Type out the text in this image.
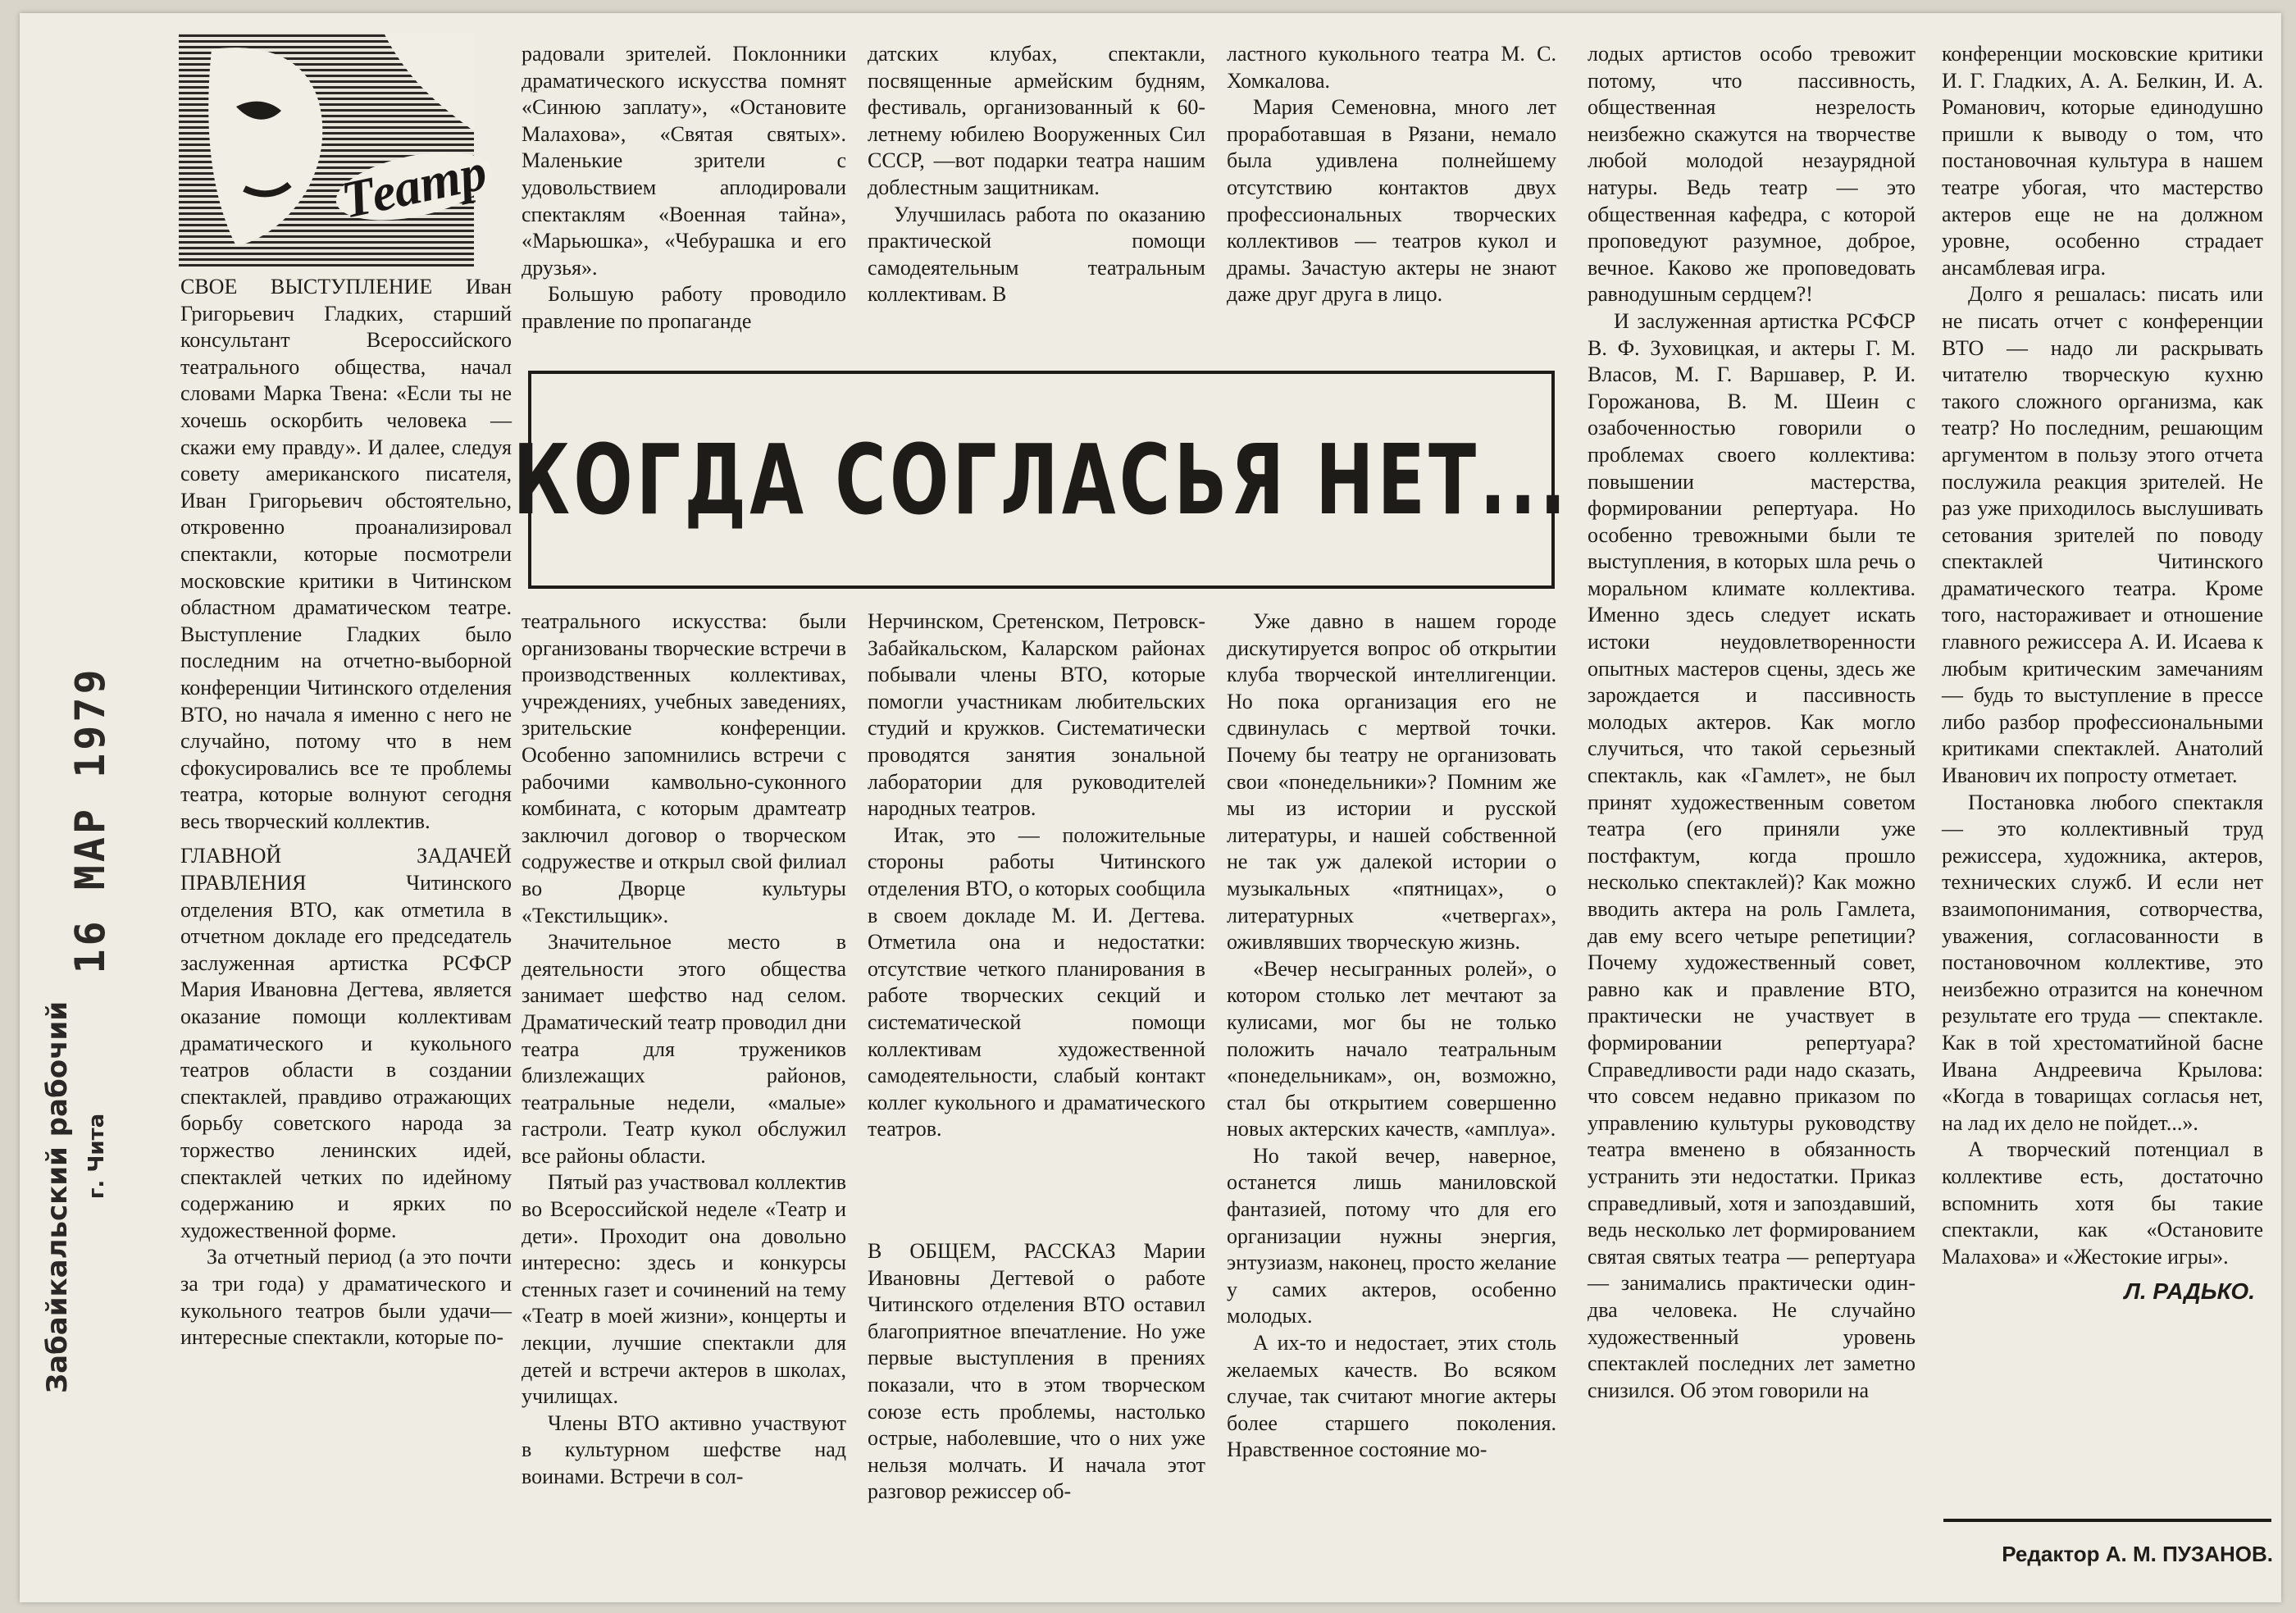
16 МАР 1979
Забайкальский рабочий г. Чита
Театр
КОГДА СОГЛАСЬЯ НЕТ...

СВОЕ ВЫСТУПЛЕНИЕ Иван Григорьевич Гладких, старший консультант Всероссийского театрального общества, начал словами Марка Твена: «Если ты не хочешь оскорбить человека — скажи ему правду». И далее, следуя совету американского писателя, Иван Григорьевич обстоятельно, откровенно проанализировал спектакли, которые посмотрели московские критики в Читинском областном драматическом театре. Выступление Гладких было последним на отчетно-выборной конференции Читинского отделения ВТО, но начала я именно с него не случайно, потому что в нем сфокусировались все те проблемы театра, которые волнуют сегодня весь творческий коллектив.

ГЛАВНОЙ ЗАДАЧЕЙ ПРАВЛЕНИЯ Читинского отделения ВТО, как отметила в отчетном докладе его председатель заслуженная артистка РСФСР Мария Ивановна Дегтева, является оказание помощи коллективам драматического и кукольного театров области в создании спектаклей, правдиво отражающих борьбу советского народа за торжество ленинских идей, спектаклей четких по идейному содержанию и ярких по художественной форме.

За отчетный период (а это почти за три года) у драматического и кукольного театров были удачи—интересные спектакли, которые по-

радовали зрителей. Поклонники драматического искусства помнят «Синюю заплату», «Остановите Малахова», «Святая святых». Маленькие зрители с удовольствием аплодировали спектаклям «Военная тайна», «Марьюшка», «Чебурашка и его друзья».

Большую работу проводило правление по пропаганде

датских клубах, спектакли, посвященные армейским будням, фестиваль, организованный к 60-летнему юбилею Вооруженных Сил СССР, —вот подарки театра нашим доблестным защитникам.

Улучшилась работа по оказанию практической помощи самодеятельным театральным коллективам. В

ластного кукольного театра М. С. Хомкалова.

Мария Семеновна, много лет проработавшая в Рязани, немало была удивлена полнейшему отсутствию контактов двух профессиональных творческих коллективов — театров кукол и драмы. Зачастую актеры не знают даже друг друга в лицо.

лодых артистов особо тревожит потому, что пассивность, общественная незрелость неизбежно скажутся на творчестве любой молодой незаурядной натуры. Ведь театр — это общественная кафедра, с которой проповедуют разумное, доброе, вечное. Каково же проповедовать равнодушным сердцем?!

И заслуженная артистка РСФСР В. Ф. Зуховицкая, и актеры Г. М. Власов, М. Г. Варшавер, Р. И. Горожанова, В. М. Шеин с озабоченностью говорили о проблемах своего коллектива: повышении мастерства, формировании репертуара. Но особенно тревожными были те выступления, в которых шла речь о моральном климате коллектива. Именно здесь следует искать истоки неудовлетворенности опытных мастеров сцены, здесь же зарождается и пассивность молодых актеров. Как могло случиться, что такой серьезный спектакль, как «Гамлет», не был принят художественным советом театра (его приняли уже постфактум, когда прошло несколько спектаклей)? Как можно вводить актера на роль Гамлета, дав ему всего четыре репетиции? Почему художественный совет, равно как и правление ВТО, практически не участвует в формировании репертуара? Справедливости ради надо сказать, что совсем недавно приказом по управлению культуры руководству театра вменено в обязанность устранить эти недостатки. Приказ справедливый, хотя и запоздавший, ведь несколько лет формированием святая святых театра — репертуара — занимались практически один-два человека. Не случайно художественный уровень спектаклей последних лет заметно снизился. Об этом говорили на

конференции московские критики И. Г. Гладких, А. А. Белкин, И. А. Романович, которые единодушно пришли к выводу о том, что постановочная культура в нашем театре убогая, что мастерство актеров еще не на должном уровне, особенно страдает ансамблевая игра.

Долго я решалась: писать или не писать отчет с конференции ВТО — надо ли раскрывать читателю творческую кухню такого сложного организма, как театр? Но последним, решающим аргументом в пользу этого отчета послужила реакция зрителей. Не раз уже приходилось выслушивать сетования зрителей по поводу спектаклей Читинского драматического театра. Кроме того, настораживает и отношение главного режиссера А. И. Исаева к любым критическим замечаниям — будь то выступление в прессе либо разбор профессиональными критиками спектаклей. Анатолий Иванович их попросту отметает.

Постановка любого спектакля — это коллективный труд режиссера, художника, актеров, технических служб. И если нет взаимопонимания, сотворчества, уважения, согласованности в постановочном коллективе, это неизбежно отразится на конечном результате его труда — спектакле. Как в той хрестоматийной басне Ивана Андреевича Крылова: «Когда в товарищах согласья нет, на лад их дело не пойдет...».

А творческий потенциал в коллективе есть, достаточно вспомнить хотя бы такие спектакли, как «Остановите Малахова» и «Жестокие игры».

Л. РАДЬКО.

театрального искусства: были организованы творческие встречи в производственных коллективах, учреждениях, учебных заведениях, зрительские конференции. Особенно запомнились встречи с рабочими камвольно-суконного комбината, с которым драмтеатр заключил договор о творческом содружестве и открыл свой филиал во Дворце культуры «Текстильщик».

Значительное место в деятельности этого общества занимает шефство над селом. Драматический театр проводил дни театра для тружеников близлежащих районов, театральные недели, «малые» гастроли. Театр кукол обслужил все районы области.

Пятый раз участвовал коллектив во Всероссийской неделе «Театр и дети». Проходит она довольно интересно: здесь и конкурсы стенных газет и сочинений на тему «Театр в моей жизни», концерты и лекции, лучшие спектакли для детей и встречи актеров в школах, училищах.

Члены ВТО активно участвуют в культурном шефстве над воинами. Встречи в сол-

Нерчинском, Сретенском, Петровск-Забайкальском, Каларском районах побывали члены ВТО, которые помогли участникам любительских студий и кружков. Систематически проводятся занятия зональной лаборатории для руководителей народных театров.

Итак, это — положительные стороны работы Читинского отделения ВТО, о которых сообщила в своем докладе М. И. Дегтева. Отметила она и недостатки: отсутствие четкого планирования в работе творческих секций и систематической помощи коллективам художественной самодеятельности, слабый контакт коллег кукольного и драматического театров.

В ОБЩЕМ, РАССКАЗ Марии Ивановны Дегтевой о работе Читинского отделения ВТО оставил благоприятное впечатление. Но уже первые выступления в прениях показали, что в этом творческом союзе есть проблемы, настолько острые, наболевшие, что о них уже нельзя молчать. И начала этот разговор режиссер об-

Уже давно в нашем городе дискутируется вопрос об открытии клуба творческой интеллигенции. Но пока организация его не сдвинулась с мертвой точки. Почему бы театру не организовать свои «понедельники»? Помним же мы из истории и русской литературы, и нашей собственной не так уж далекой истории о музыкальных «пятницах», о литературных «четвергах», оживлявших творческую жизнь.

«Вечер несыгранных ролей», о котором столько лет мечтают за кулисами, мог бы не только положить начало театральным «понедельникам», он, возможно, стал бы открытием совершенно новых актерских качеств, «амплуа».

Но такой вечер, наверное, останется лишь маниловской фантазией, потому что для его организации нужны энергия, энтузиазм, наконец, просто желание у самих актеров, особенно молодых.

А их-то и недостает, этих столь желаемых качеств. Во всяком случае, так считают многие актеры более старшего поколения. Нравственное состояние мо-

Редактор А. М. ПУЗАНОВ.
